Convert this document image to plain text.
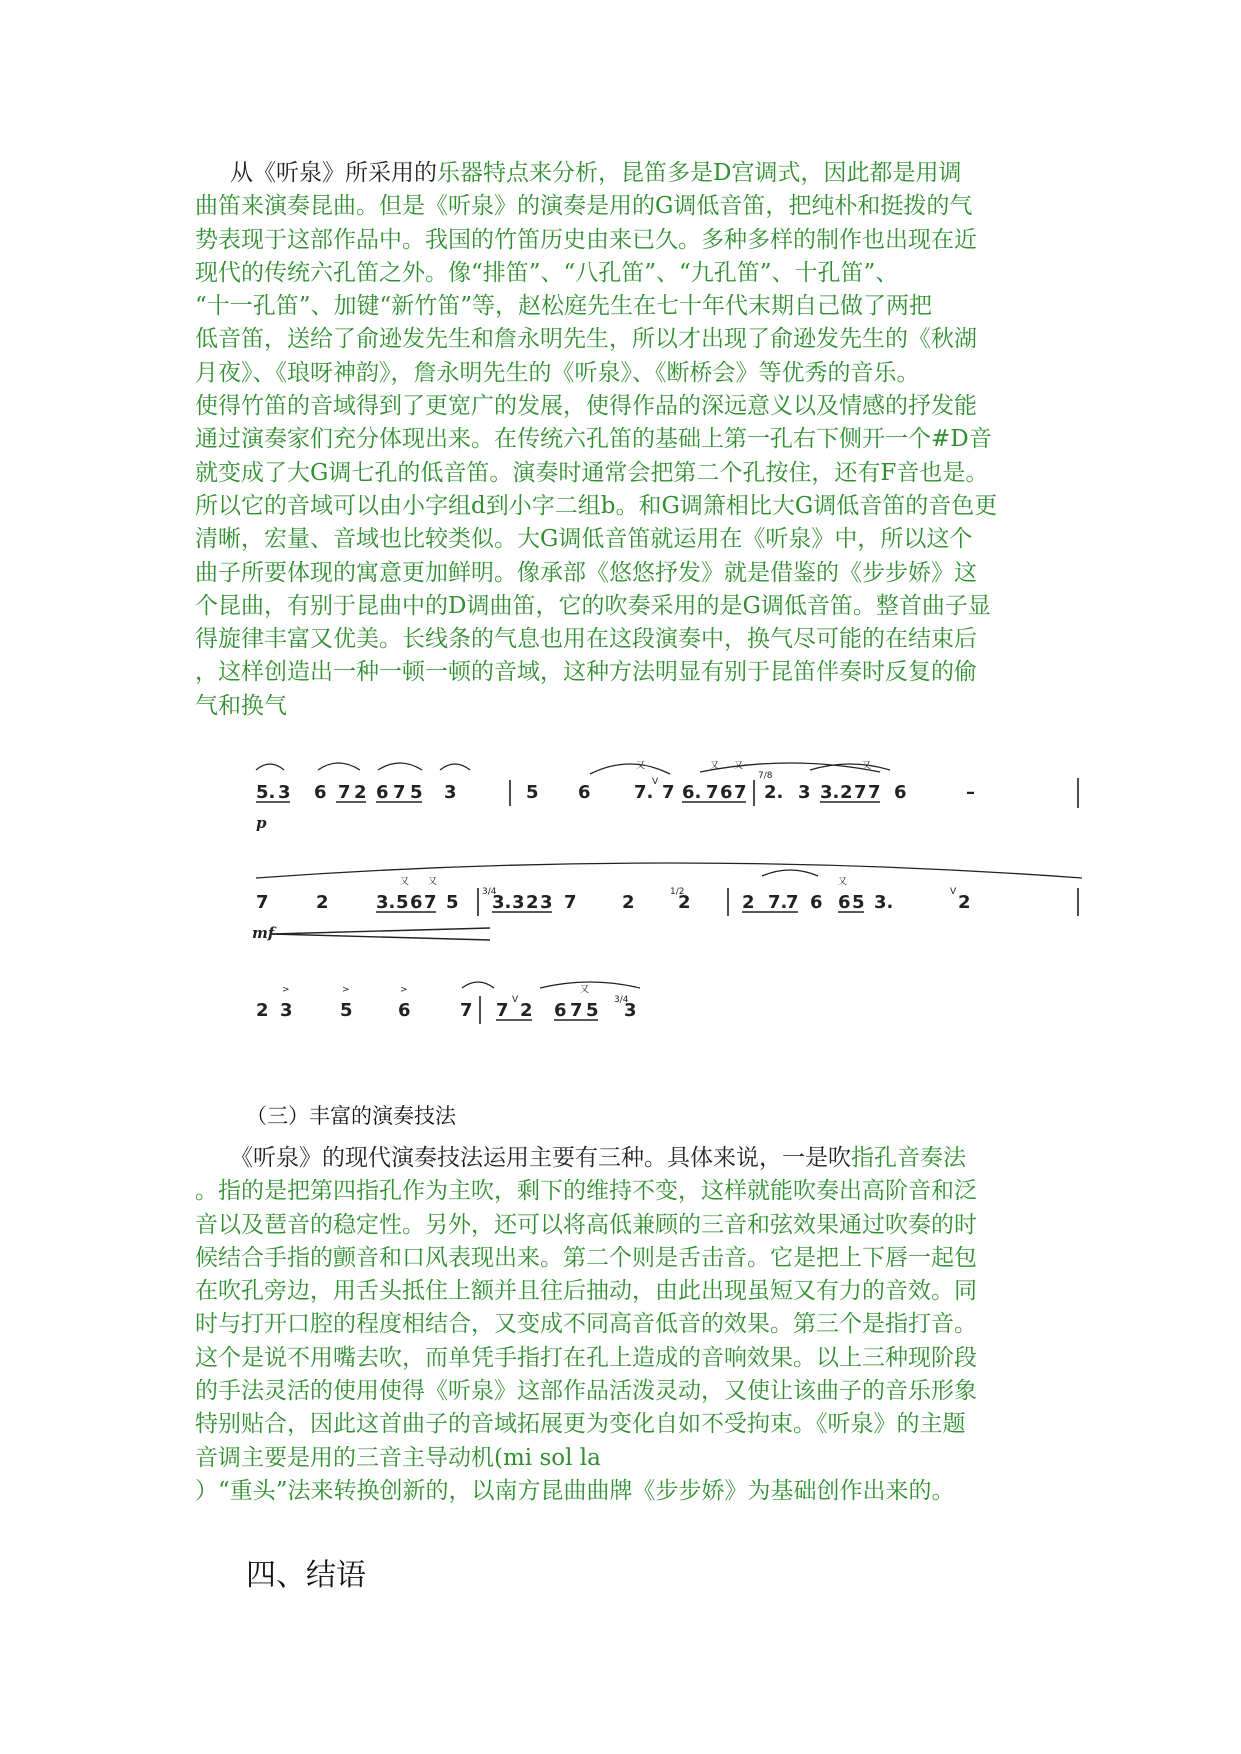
从《听泉》所采用的乐器特点来分析，昆笛多是D宫调式，因此都是用调
曲笛来演奏昆曲。但是《听泉》的演奏是用的G调低音笛，把纯朴和挺拨的气
势表现于这部作品中。我国的竹笛历史由来已久。多种多样的制作也出现在近
现代的传统六孔笛之外。像“排笛”、“八孔笛”、“九孔笛”、十孔笛”、
“十一孔笛”、加键“新竹笛”等，赵松庭先生在七十年代末期自己做了两把
低音笛，送给了俞逊发先生和詹永明先生，所以才出现了俞逊发先生的《秋湖
月夜》、《琅呀神韵》，詹永明先生的《听泉》、《断桥会》等优秀的音乐。
使得竹笛的音域得到了更宽广的发展，使得作品的深远意义以及情感的抒发能
通过演奏家们充分体现出来。在传统六孔笛的基础上第一孔右下侧开一个#D音
就变成了大G调七孔的低音笛。演奏时通常会把第二个孔按住，还有F音也是。
所以它的音域可以由小字组d到小字二组b。和G调箫相比大G调低音笛的音色更
清晰，宏量、音域也比较类似。大G调低音笛就运用在《听泉》中，所以这个
曲子所要体现的寓意更加鲜明。像承部《悠悠抒发》就是借鉴的《步步娇》这
个昆曲，有别于昆曲中的D调曲笛，它的吹奏采用的是G调低音笛。整首曲子显
得旋律丰富又优美。长线条的气息也用在这段演奏中，换气尽可能的在结束后
，这样创造出一种一顿一顿的音域，这种方法明显有别于昆笛伴奏时反复的偷
气和换气
5. 3 6 7 2 6 7 5 3	5 6 7.
V 7
又
6. 7 6 7
又 又
7/8
2. 3 3. 2 7 7
又
6	–
p
7	2	3. 5 6 7
又 又
5	3/4
3. 3 2 3 7	2	1/2
2	2 7.
7 6 6 5
又
3.	V 2
mf
>	>	>
2 3	5	6	7 7 V 2 6 7 5
又
3/4
3
（三）丰富的演奏技法
《听泉》的现代演奏技法运用主要有三种。具体来说，一是吹指孔音奏法
。指的是把第四指孔作为主吹，剩下的维持不变，这样就能吹奏出高阶音和泛
音以及琶音的稳定性。另外，还可以将高低兼顾的三音和弦效果通过吹奏的时
候结合手指的颤音和口风表现出来。第二个则是舌击音。它是把上下唇一起包
在吹孔旁边，用舌头抵住上额并且往后抽动，由此出现虽短又有力的音效。同
时与打开口腔的程度相结合，又变成不同高音低音的效果。第三个是指打音。
这个是说不用嘴去吹，而单凭手指打在孔上造成的音响效果。以上三种现阶段
的手法灵活的使用使得《听泉》这部作品活泼灵动，又使让该曲子的音乐形象
特别贴合，因此这首曲子的音域拓展更为变化自如不受拘束。《听泉》的主题
音调主要是用的三音主导动机(mi sol la
）“重头”法来转换创新的，以南方昆曲曲牌《步步娇》为基础创作出来的。
四、结语
